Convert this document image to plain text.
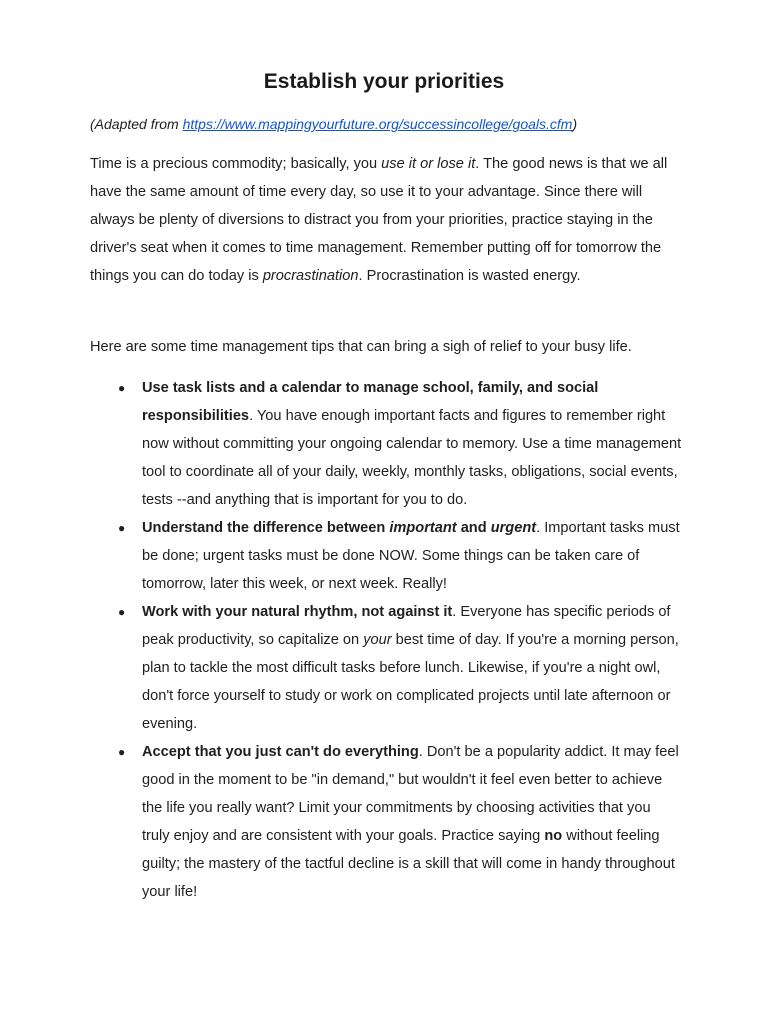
Establish your priorities

(Adapted from https://www.mappingyourfuture.org/successincollege/goals.cfm)

Time is a precious commodity; basically, you use it or lose it. The good news is that we all have the same amount of time every day, so use it to your advantage. Since there will always be plenty of diversions to distract you from your priorities, practice staying in the driver's seat when it comes to time management. Remember putting off for tomorrow the things you can do today is procrastination. Procrastination is wasted energy.

Here are some time management tips that can bring a sigh of relief to your busy life.

● Use task lists and a calendar to manage school, family, and social responsibilities. You have enough important facts and figures to remember right now without committing your ongoing calendar to memory. Use a time management tool to coordinate all of your daily, weekly, monthly tasks, obligations, social events, tests --and anything that is important for you to do.
● Understand the difference between important and urgent. Important tasks must be done; urgent tasks must be done NOW. Some things can be taken care of tomorrow, later this week, or next week. Really!
● Work with your natural rhythm, not against it. Everyone has specific periods of peak productivity, so capitalize on your best time of day. If you're a morning person, plan to tackle the most difficult tasks before lunch. Likewise, if you're a night owl, don't force yourself to study or work on complicated projects until late afternoon or evening.
● Accept that you just can't do everything. Don't be a popularity addict. It may feel good in the moment to be "in demand," but wouldn't it feel even better to achieve the life you really want? Limit your commitments by choosing activities that you truly enjoy and are consistent with your goals. Practice saying no without feeling guilty; the mastery of the tactful decline is a skill that will come in handy throughout your life!
